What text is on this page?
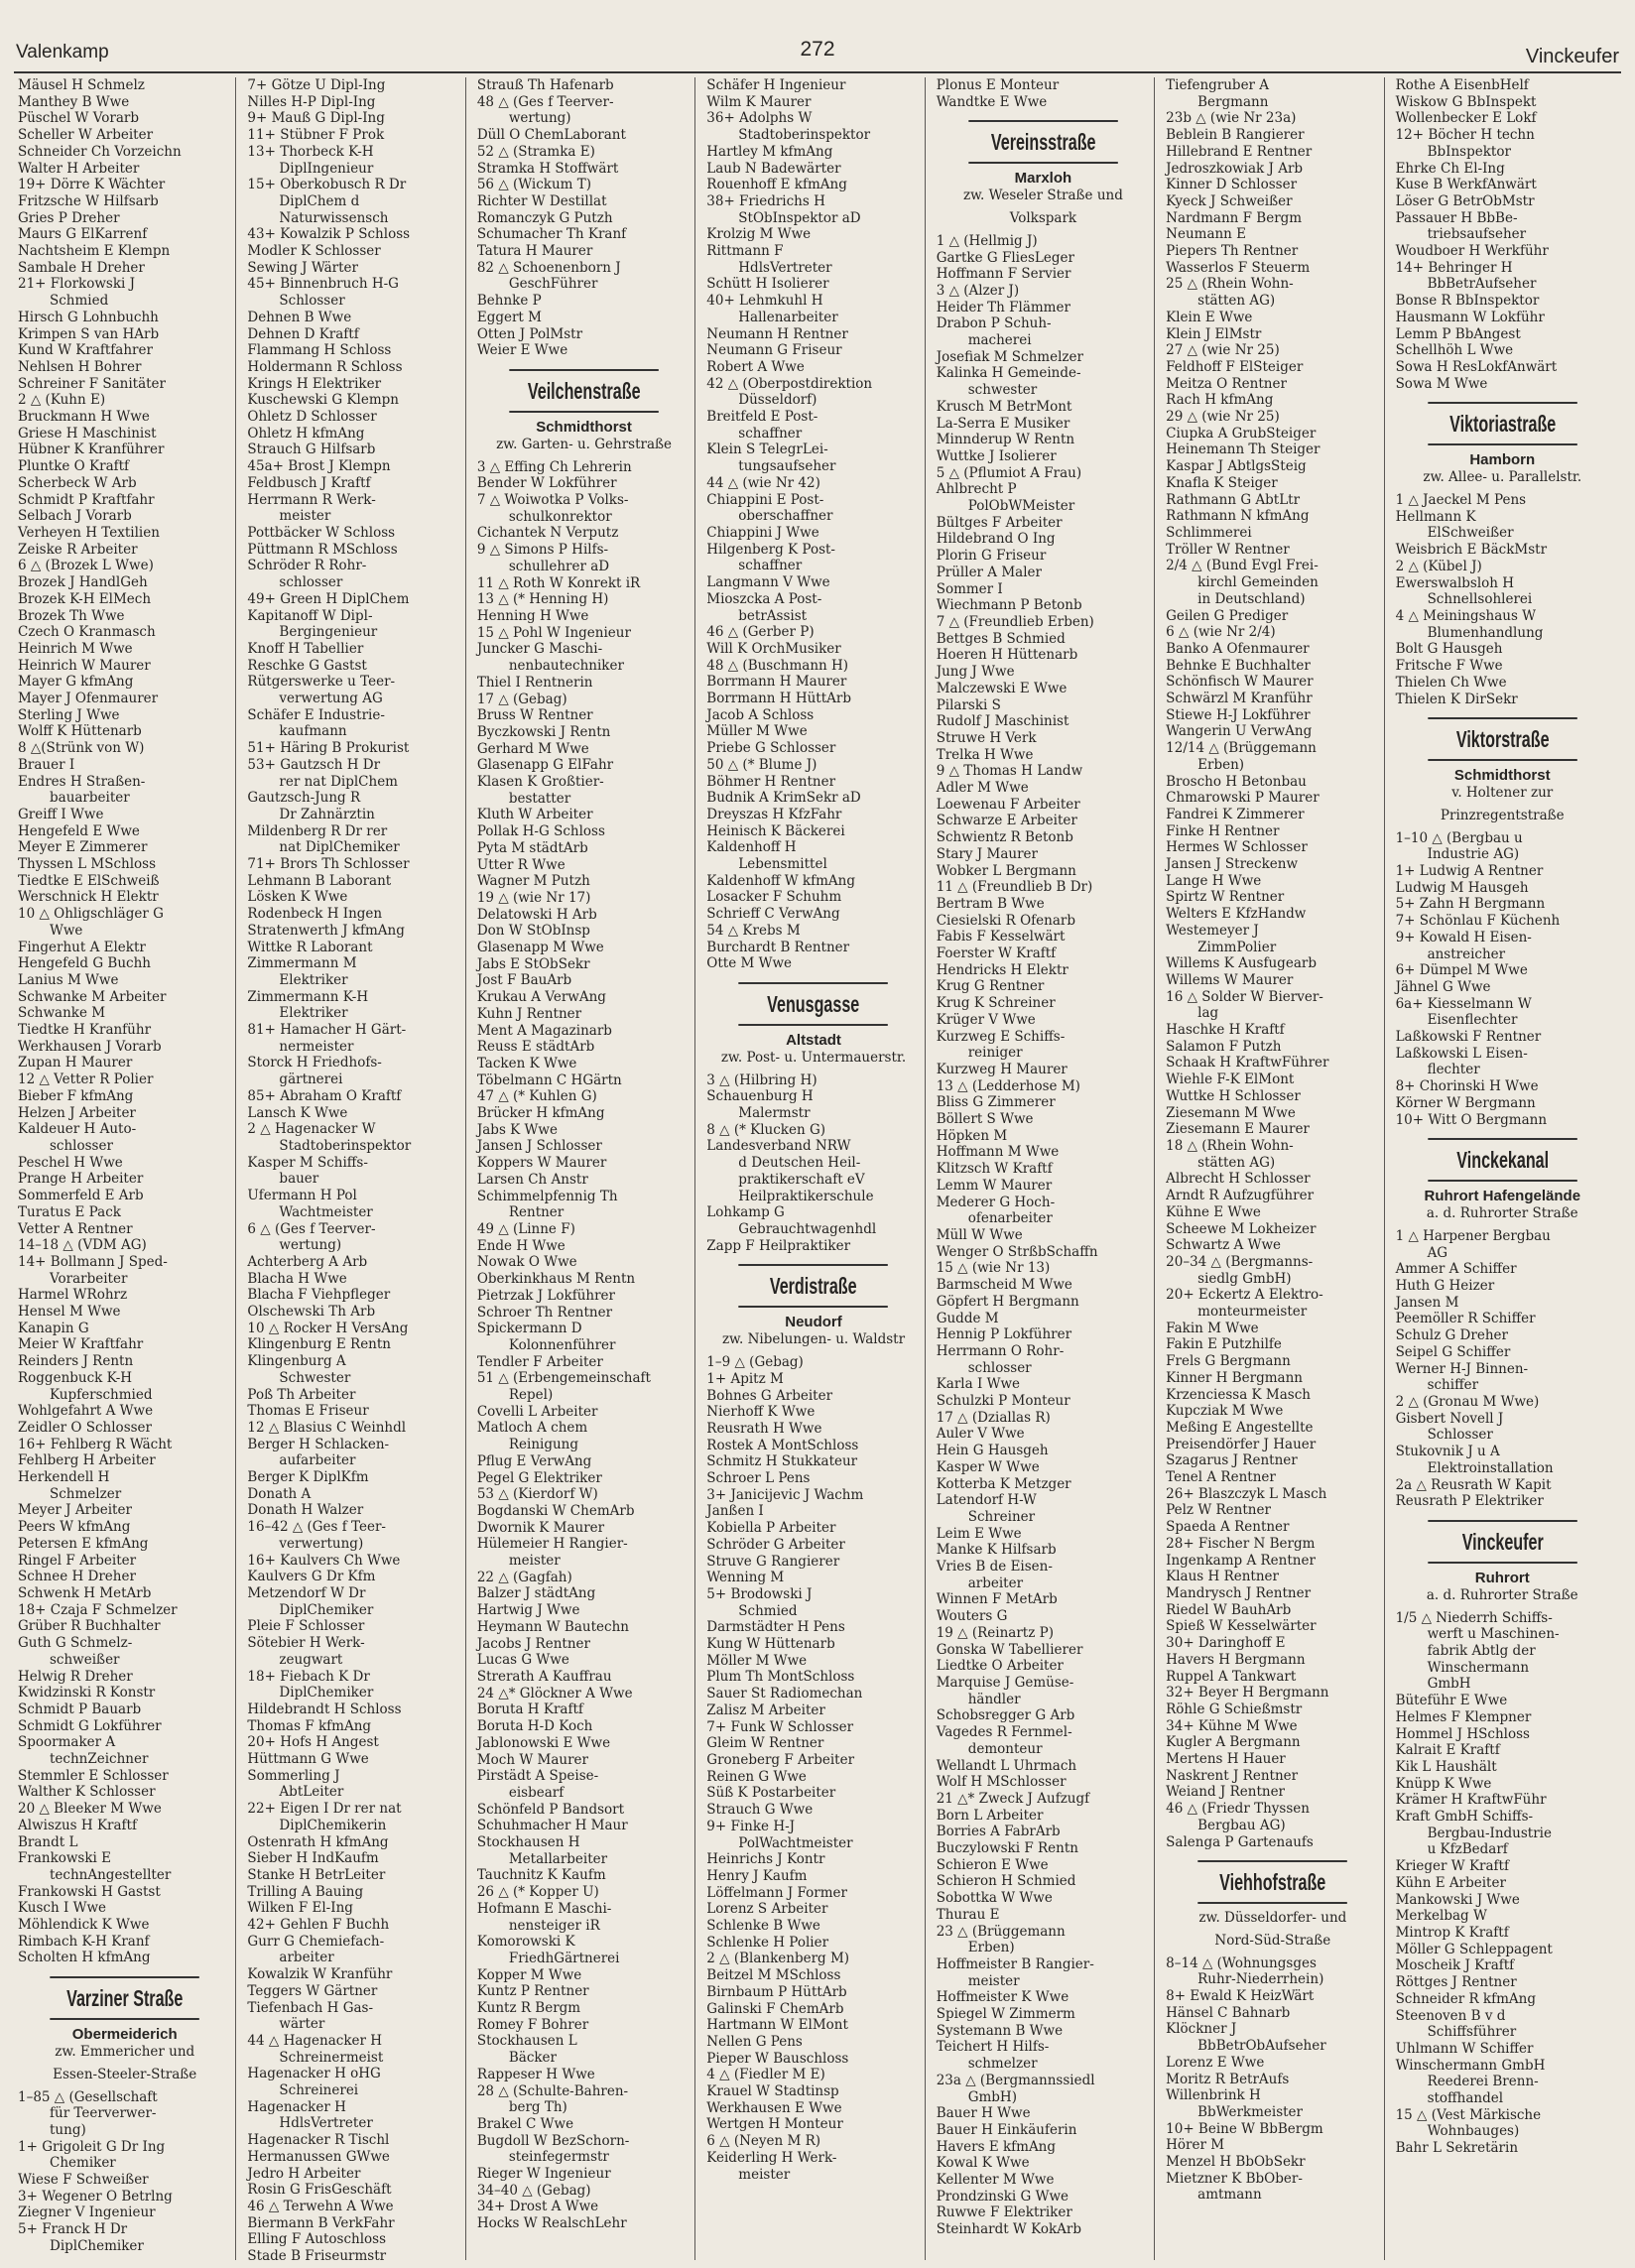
Valenkamp	272	Vinckeufer
Mäusel H Schmelz
Manthey B Wwe
Püschel W Vorarb
Scheller W Arbeiter
Schneider Ch Vorzeichn
Walter H Arbeiter
19+ Dörre K Wächter
Fritzsche W Hilfsarb
Gries P Dreher
Maurs G ElKarrenf
Nachtsheim E Klempn
Sambale H Dreher
21+ Florkowski J
Schmied
Hirsch G Lohnbuchh
Krimpen S van HArb
Kund W Kraftfahrer
Nehlsen H Bohrer
Schreiner F Sanitäter
2 △ (Kuhn E)
Bruckmann H Wwe
Griese H Maschinist
Hübner K Kranführer
Pluntke O Kraftf
Scherbeck W Arb
Schmidt P Kraftfahr
Selbach J Vorarb
Verheyen H Textilien
Zeiske R Arbeiter
6 △ (Brozek L Wwe)
Brozek J HandlGeh
Brozek K-H ElMech
Brozek Th Wwe
Czech O Kranmasch
Heinrich M Wwe
Heinrich W Maurer
Mayer G kfmAng
Mayer J Ofenmaurer
Sterling J Wwe
Wolff K Hüttenarb
8 △(Strünk von W)
Brauer I
Endres H Straßen-
bauarbeiter
Greiff I Wwe
Hengefeld E Wwe
Meyer E Zimmerer
Thyssen L MSchloss
Tiedtke E ElSchweiß
Werschnick H Elektr
10 △ Ohligschläger G
Wwe
Fingerhut A Elektr
Hengefeld G Buchh
Lanius M Wwe
Schwanke M Arbeiter
Schwanke M
Tiedtke H Kranführ
Werkhausen J Vorarb
Zupan H Maurer
12 △ Vetter R Polier
Bieber F kfmAng
Helzen J Arbeiter
Kaldeuer H Auto-
schlosser
Peschel H Wwe
Prange H Arbeiter
Sommerfeld E Arb
Turatus E Pack
Vetter A Rentner
14–18 △ (VDM AG)
14+ Bollmann J Sped-
Vorarbeiter
Harmel WRohrz
Hensel M Wwe
Kanapin G
Meier W Kraftfahr
Reinders J Rentn
Roggenbuck K-H
Kupferschmied
Wohlgefahrt A Wwe
Zeidler O Schlosser
16+ Fehlberg R Wächt
Fehlberg H Arbeiter
Herkendell H
Schmelzer
Meyer J Arbeiter
Peers W kfmAng
Petersen E kfmAng
Ringel F Arbeiter
Schnee H Dreher
Schwenk H MetArb
18+ Czaja F Schmelzer
Grüber R Buchhalter
Guth G Schmelz-
schweißer
Helwig R Dreher
Kwidzinski R Konstr
Schmidt P Bauarb
Schmidt G Lokführer
Spoormaker A
technZeichner
Stemmler E Schlosser
Walther K Schlosser
20 △ Bleeker M Wwe
Alwiszus H Kraftf
Brandt L
Frankowski E
technAngestellter
Frankowski H Gastst
Kusch I Wwe
Möhlendick K Wwe
Rimbach K-H Kranf
Scholten H kfmAng
Varziner Straße
Obermeiderich
zw. Emmericher und
Essen-Steeler-Straße
1–85 △ (Gesellschaft
für Teerverwer-
tung)
1+ Grigoleit G Dr Ing
Chemiker
Wiese F Schweißer
3+ Wegener O Betrlng
Ziegner V Ingenieur
5+ Franck H Dr
DiplChemiker
7+ Götze U Dipl-Ing
Nilles H-P Dipl-Ing
9+ Mauß G Dipl-Ing
11+ Stübner F Prok
13+ Thorbeck K-H
DiplIngenieur
15+ Oberkobusch R Dr
DiplChem d
Naturwissensch
43+ Kowalzik P Schloss
Modler K Schlosser
Sewing J Wärter
45+ Binnenbruch H-G
Schlosser
Dehnen B Wwe
Dehnen D Kraftf
Flammang H Schloss
Holdermann R Schloss
Krings H Elektriker
Kuschewski G Klempn
Ohletz D Schlosser
Ohletz H kfmAng
Strauch G Hilfsarb
45a+ Brost J Klempn
Feldbusch J Kraftf
Herrmann R Werk-
meister
Pottbäcker W Schloss
Püttmann R MSchloss
Schröder R Rohr-
schlosser
49+ Green H DiplChem
Kapitanoff W Dipl-
Bergingenieur
Knoff H Tabellier
Reschke G Gastst
Rütgerswerke u Teer-
verwertung AG
Schäfer E Industrie-
kaufmann
51+ Häring B Prokurist
53+ Gautzsch H Dr
rer nat DiplChem
Gautzsch-Jung R
Dr Zahnärztin
Mildenberg R Dr rer
nat DiplChemiker
71+ Brors Th Schlosser
Lehmann B Laborant
Lösken K Wwe
Rodenbeck H Ingen
Stratenwerth J kfmAng
Wittke R Laborant
Zimmermann M
Elektriker
Zimmermann K-H
Elektriker
81+ Hamacher H Gärt-
nermeister
Storck H Friedhofs-
gärtnerei
85+ Abraham O Kraftf
Lansch K Wwe
2 △ Hagenacker W
Stadtoberinspektor
Kasper M Schiffs-
bauer
Ufermann H Pol
Wachtmeister
6 △ (Ges f Teerver-
wertung)
Achterberg A Arb
Blacha H Wwe
Blacha F Viehpfleger
Olschewski Th Arb
10 △ Rocker H VersAng
Klingenburg E Rentn
Klingenburg A
Schwester
Poß Th Arbeiter
Thomas E Friseur
12 △ Blasius C Weinhdl
Berger H Schlacken-
aufarbeiter
Berger K DiplKfm
Donath A
Donath H Walzer
16–42 △ (Ges f Teer-
verwertung)
16+ Kaulvers Ch Wwe
Kaulvers G Dr Kfm
Metzendorf W Dr
DiplChemiker
Pleie F Schlosser
Sötebier H Werk-
zeugwart
18+ Fiebach K Dr
DiplChemiker
Hildebrandt H Schloss
Thomas F kfmAng
20+ Hofs H Angest
Hüttmann G Wwe
Sommerling J
AbtLeiter
22+ Eigen I Dr rer nat
DiplChemikerin
Ostenrath H kfmAng
Sieber H IndKaufm
Stanke H BetrLeiter
Trilling A Bauing
Wilken F El-Ing
42+ Gehlen F Buchh
Gurr G Chemiefach-
arbeiter
Kowalzik W Kranführ
Teggers W Gärtner
Tiefenbach H Gas-
wärter
44 △ Hagenacker H
Schreinermeist
Hagenacker H oHG
Schreinerei
Hagenacker H
HdlsVertreter
Hagenacker R Tischl
Hermanussen GWwe
Jedro H Arbeiter
Rosin G FrisGeschäft
46 △ Terwehn A Wwe
Biermann B VerkFahr
Elling F Autoschloss
Stade B Friseurmstr
Strauß Th Hafenarb
48 △ (Ges f Teerver-
wertung)
Düll O ChemLaborant
52 △ (Stramka E)
Stramka H Stoffwärt
56 △ (Wickum T)
Richter W Destillat
Romanczyk G Putzh
Schumacher Th Kranf
Tatura H Maurer
82 △ Schoenenborn J
GeschFührer
Behnke P
Eggert M
Otten J PolMstr
Weier E Wwe
Veilchenstraße
Schmidthorst
zw. Garten- u. Gehrstraße
3 △ Effing Ch Lehrerin
Bender W Lokführer
7 △ Woiwotka P Volks-
schulkonrektor
Cichantek N Verputz
9 △ Simons P Hilfs-
schullehrer aD
11 △ Roth W Konrekt iR
13 △ (* Henning H)
Henning H Wwe
15 △ Pohl W Ingenieur
Juncker G Maschi-
nenbautechniker
Thiel I Rentnerin
17 △ (Gebag)
Bruss W Rentner
Byczkowski J Rentn
Gerhard M Wwe
Glasenapp G ElFahr
Klasen K Großtier-
bestatter
Kluth W Arbeiter
Pollak H-G Schloss
Pyta M städtArb
Utter R Wwe
Wagner M Putzh
19 △ (wie Nr 17)
Delatowski H Arb
Don W StObInsp
Glasenapp M Wwe
Jabs E StObSekr
Jost F BauArb
Krukau A VerwAng
Kuhn J Rentner
Ment A Magazinarb
Reuss E städtArb
Tacken K Wwe
Töbelmann C HGärtn
47 △ (* Kuhlen G)
Brücker H kfmAng
Jabs K Wwe
Jansen J Schlosser
Koppers W Maurer
Larsen Ch Anstr
Schimmelpfennig Th
Rentner
49 △ (Linne F)
Ende H Wwe
Nowak O Wwe
Oberkinkhaus M Rentn
Pietrzak J Lokführer
Schroer Th Rentner
Spickermann D
Kolonnenführer
Tendler F Arbeiter
51 △ (Erbengemeinschaft
Repel)
Covelli L Arbeiter
Matloch A chem
Reinigung
Pflug E VerwAng
Pegel G Elektriker
53 △ (Kierdorf W)
Bogdanski W ChemArb
Dwornik K Maurer
Hülemeier H Rangier-
meister
22 △ (Gagfah)
Balzer J städtAng
Hartwig J Wwe
Heymann W Bautechn
Jacobs J Rentner
Lucas G Wwe
Strerath A Kauffrau
24 △* Glöckner A Wwe
Boruta H Kraftf
Boruta H-D Koch
Jablonowski E Wwe
Moch W Maurer
Pirstädt A Speise-
eisbearf
Schönfeld P Bandsort
Schuhmacher H Maur
Stockhausen H
Metallarbeiter
Tauchnitz K Kaufm
26 △ (* Kopper U)
Hofmann E Maschi-
nensteiger iR
Komorowski K
FriedhGärtnerei
Kopper M Wwe
Kuntz P Rentner
Kuntz R Bergm
Romey F Bohrer
Stockhausen L
Bäcker
Rappeser H Wwe
28 △ (Schulte-Bahren-
berg Th)
Brakel C Wwe
Bugdoll W BezSchorn-
steinfegermstr
Rieger W Ingenieur
34–40 △ (Gebag)
34+ Drost A Wwe
Hocks W RealschLehr
Schäfer H Ingenieur
Wilm K Maurer
36+ Adolphs W
Stadtoberinspektor
Hartley M kfmAng
Laub N Badewärter
Rouenhoff E kfmAng
38+ Friedrichs H
StObInspektor aD
Krolzig M Wwe
Rittmann F
HdlsVertreter
Schütt H Isolierer
40+ Lehmkuhl H
Hallenarbeiter
Neumann H Rentner
Neumann G Friseur
Robert A Wwe
42 △ (Oberpostdirektion
Düsseldorf)
Breitfeld E Post-
schaffner
Klein S TelegrLei-
tungsaufseher
44 △ (wie Nr 42)
Chiappini E Post-
oberschaffner
Chiappini J Wwe
Hilgenberg K Post-
schaffner
Langmann V Wwe
Mioszcka A Post-
betrAssist
46 △ (Gerber P)
Will K OrchMusiker
48 △ (Buschmann H)
Borrmann H Maurer
Borrmann H HüttArb
Jacob A Schloss
Müller M Wwe
Priebe G Schlosser
50 △ (* Blume J)
Böhmer H Rentner
Budnik A KrimSekr aD
Dreyszas H KfzFahr
Heinisch K Bäckerei
Kaldenhoff H
Lebensmittel
Kaldenhoff W kfmAng
Losacker F Schuhm
Schrieff C VerwAng
54 △ Krebs M
Burchardt B Rentner
Otte M Wwe
Venusgasse
Altstadt
zw. Post- u. Untermauerstr.
3 △ (Hilbring H)
Schauenburg H
Malermstr
8 △ (* Klucken G)
Landesverband NRW
d Deutschen Heil-
praktikerschaft eV
Heilpraktikerschule
Lohkamp G
Gebrauchtwagenhdl
Zapp F Heilpraktiker
Verdistraße
Neudorf
zw. Nibelungen- u. Waldstr
1–9 △ (Gebag)
1+ Apitz M
Bohnes G Arbeiter
Nierhoff K Wwe
Reusrath H Wwe
Rostek A MontSchloss
Schmitz H Stukkateur
Schroer L Pens
3+ Janicijevic J Wachm
Janßen I
Kobiella P Arbeiter
Schröder G Arbeiter
Struve G Rangierer
Wenning M
5+ Brodowski J
Schmied
Darmstädter H Pens
Kung W Hüttenarb
Möller M Wwe
Plum Th MontSchloss
Sauer St Radiomechan
Zalisz M Arbeiter
7+ Funk W Schlosser
Gleim W Rentner
Groneberg F Arbeiter
Reinen G Wwe
Süß K Postarbeiter
Strauch G Wwe
9+ Finke H-J
PolWachtmeister
Heinrichs J Kontr
Henry J Kaufm
Löffelmann J Former
Lorenz S Arbeiter
Schlenke B Wwe
Schlenke H Polier
2 △ (Blankenberg M)
Beitzel M MSchloss
Birnbaum P HüttArb
Galinski F ChemArb
Hartmann W ElMont
Nellen G Pens
Pieper W Bauschloss
4 △ (Fiedler M E)
Krauel W Stadtinsp
Werkhausen E Wwe
Wertgen H Monteur
6 △ (Neyen M R)
Keiderling H Werk-
meister
Plonus E Monteur
Wandtke E Wwe
Vereinsstraße
Marxloh
zw. Weseler Straße und
Volkspark
1 △ (Hellmig J)
Gartke G FliesLeger
Hoffmann F Servier
3 △ (Alzer J)
Heider Th Flämmer
Drabon P Schuh-
macherei
Josefiak M Schmelzer
Kalinka H Gemeinde-
schwester
Krusch M BetrMont
La-Serra E Musiker
Minnderup W Rentn
Wuttke J Isolierer
5 △ (Pflumiot A Frau)
Ahlbrecht P
PolObWMeister
Bültges F Arbeiter
Hildebrand O Ing
Plorin G Friseur
Prüller A Maler
Sommer I
Wiechmann P Betonb
7 △ (Freundlieb Erben)
Bettges B Schmied
Hoeren H Hüttenarb
Jung J Wwe
Malczewski E Wwe
Pilarski S
Rudolf J Maschinist
Struwe H Verk
Trelka H Wwe
9 △ Thomas H Landw
Adler M Wwe
Loewenau F Arbeiter
Schwarze E Arbeiter
Schwientz R Betonb
Stary J Maurer
Wobker L Bergmann
11 △ (Freundlieb B Dr)
Bertram B Wwe
Ciesielski R Ofenarb
Fabis F Kesselwärt
Foerster W Kraftf
Hendricks H Elektr
Krug G Rentner
Krug K Schreiner
Krüger V Wwe
Kurzweg E Schiffs-
reiniger
Kurzweg H Maurer
13 △ (Ledderhose M)
Bliss G Zimmerer
Böllert S Wwe
Höpken M
Hoffmann M Wwe
Klitzsch W Kraftf
Lemm W Maurer
Mederer G Hoch-
ofenarbeiter
Müll W Wwe
Wenger O StrßbSchaffn
15 △ (wie Nr 13)
Barmscheid M Wwe
Göpfert H Bergmann
Gudde M
Hennig P Lokführer
Herrmann O Rohr-
schlosser
Karla I Wwe
Schulzki P Monteur
17 △ (Dziallas R)
Auler V Wwe
Hein G Hausgeh
Kasper W Wwe
Kotterba K Metzger
Latendorf H-W
Schreiner
Leim E Wwe
Manke K Hilfsarb
Vries B de Eisen-
arbeiter
Winnen F MetArb
Wouters G
19 △ (Reinartz P)
Gonska W Tabellierer
Liedtke O Arbeiter
Marquise J Gemüse-
händler
Schobsregger G Arb
Vagedes R Fernmel-
demonteur
Wellandt L Uhrmach
Wolf H MSchlosser
21 △* Zweck J Aufzugf
Born L Arbeiter
Borries A FabrArb
Buczylowski F Rentn
Schieron E Wwe
Schieron H Schmied
Sobottka W Wwe
Thurau E
23 △ (Brüggemann
Erben)
Hoffmeister B Rangier-
meister
Hoffmeister K Wwe
Spiegel W Zimmerm
Systemann B Wwe
Teichert H Hilfs-
schmelzer
23a △ (Bergmannssiedl
GmbH)
Bauer H Wwe
Bauer H Einkäuferin
Havers E kfmAng
Kowal K Wwe
Kellenter M Wwe
Prondzinski G Wwe
Ruwwe F Elektriker
Steinhardt W KokArb
Tiefengruber A
Bergmann
23b △ (wie Nr 23a)
Beblein B Rangierer
Hillebrand E Rentner
Jedroszkowiak J Arb
Kinner D Schlosser
Kyeck J Schweißer
Nardmann F Bergm
Neumann E
Piepers Th Rentner
Wasserlos F Steuerm
25 △ (Rhein Wohn-
stätten AG)
Klein E Wwe
Klein J ElMstr
27 △ (wie Nr 25)
Feldhoff F ElSteiger
Meitza O Rentner
Rach H kfmAng
29 △ (wie Nr 25)
Ciupka A GrubSteiger
Heinemann Th Steiger
Kaspar J AbtlgsSteig
Knafla K Steiger
Rathmann G AbtLtr
Rathmann N kfmAng
Schlimmerei
Tröller W Rentner
2/4 △ (Bund Evgl Frei-
kirchl Gemeinden
in Deutschland)
Geilen G Prediger
6 △ (wie Nr 2/4)
Banko A Ofenmaurer
Behnke E Buchhalter
Schönfisch W Maurer
Schwärzl M Kranführ
Stiewe H-J Lokführer
Wangerin U VerwAng
12/14 △ (Brüggemann
Erben)
Broscho H Betonbau
Chmarowski P Maurer
Fandrei K Zimmerer
Finke H Rentner
Hermes W Schlosser
Jansen J Streckenw
Lange H Wwe
Spirtz W Rentner
Welters E KfzHandw
Westemeyer J
ZimmPolier
Willems K Ausfugearb
Willems W Maurer
16 △ Solder W Bierver-
lag
Haschke H Kraftf
Salamon F Putzh
Schaak H KraftwFührer
Wiehle F-K ElMont
Wuttke H Schlosser
Ziesemann M Wwe
Ziesemann E Maurer
18 △ (Rhein Wohn-
stätten AG)
Albrecht H Schlosser
Arndt R Aufzugführer
Kühne E Wwe
Scheewe M Lokheizer
Schwartz A Wwe
20–34 △ (Bergmanns-
siedlg GmbH)
20+ Eckertz A Elektro-
monteurmeister
Fakin M Wwe
Fakin E Putzhilfe
Frels G Bergmann
Kinner H Bergmann
Krzenciessa K Masch
Kupcziak M Wwe
Meßing E Angestellte
Preisendörfer J Hauer
Szagarus J Rentner
Tenel A Rentner
26+ Blaszczyk L Masch
Pelz W Rentner
Spaeda A Rentner
28+ Fischer N Bergm
Ingenkamp A Rentner
Klaus H Rentner
Mandrysch J Rentner
Riedel W BauhArb
Spieß W Kesselwärter
30+ Daringhoff E
Havers H Bergmann
Ruppel A Tankwart
32+ Beyer H Bergmann
Röhle G Schießmstr
34+ Kühne M Wwe
Kugler A Bergmann
Mertens H Hauer
Naskrent J Rentner
Weiand J Rentner
46 △ (Friedr Thyssen
Bergbau AG)
Salenga P Gartenaufs
Viehhofstraße
zw. Düsseldorfer- und
Nord-Süd-Straße
8–14 △ (Wohnungsges
Ruhr-Niederrhein)
8+ Ewald K HeizWärt
Hänsel C Bahnarb
Klöckner J
BbBetrObAufseher
Lorenz E Wwe
Moritz R BetrAufs
Willenbrink H
BbWerkmeister
10+ Beine W BbBergm
Hörer M
Menzel H BbObSekr
Mietzner K BbOber-
amtmann
Rothe A EisenbHelf
Wiskow G BbInspekt
Wollenbecker E Lokf
12+ Böcher H techn
BbInspektor
Ehrke Ch El-Ing
Kuse B WerkfAnwärt
Löser G BetrObMstr
Passauer H BbBe-
triebsaufseher
Woudboer H Werkführ
14+ Behringer H
BbBetrAufseher
Bonse R BbInspektor
Hausmann W Lokführ
Lemm P BbAngest
Schellhöh L Wwe
Sowa H ResLokfAnwärt
Sowa M Wwe
Viktoriastraße
Hamborn
zw. Allee- u. Parallelstr.
1 △ Jaeckel M Pens
Hellmann K
ElSchweißer
Weisbrich E BäckMstr
2 △ (Kübel J)
Ewerswalbsloh H
Schnellsohlerei
4 △ Meiningshaus W
Blumenhandlung
Bolt G Hausgeh
Fritsche F Wwe
Thielen Ch Wwe
Thielen K DirSekr
Viktorstraße
Schmidthorst
v. Holtener zur
Prinzregentstraße
1–10 △ (Bergbau u
Industrie AG)
1+ Ludwig A Rentner
Ludwig M Hausgeh
5+ Zahn H Bergmann
7+ Schönlau F Küchenh
9+ Kowald H Eisen-
anstreicher
6+ Dümpel M Wwe
Jähnel G Wwe
6a+ Kiesselmann W
Eisenflechter
Laßkowski F Rentner
Laßkowski L Eisen-
flechter
8+ Chorinski H Wwe
Körner W Bergmann
10+ Witt O Bergmann
Vinckekanal
Ruhrort Hafengelände
a. d. Ruhrorter Straße
1 △ Harpener Bergbau
AG
Ammer A Schiffer
Huth G Heizer
Jansen M
Peemöller R Schiffer
Schulz G Dreher
Seipel G Schiffer
Werner H-J Binnen-
schiffer
2 △ (Gronau M Wwe)
Gisbert Novell J
Schlosser
Stukovnik J u A
Elektroinstallation
2a △ Reusrath W Kapit
Reusrath P Elektriker
Vinckeufer
Ruhrort
a. d. Ruhrorter Straße
1/5 △ Niederrh Schiffs-
werft u Maschinen-
fabrik Abtlg der
Winschermann
GmbH
Büteführ E Wwe
Helmes F Klempner
Hommel J HSchloss
Kalrait E Kraftf
Kik L Haushält
Knüpp K Wwe
Krämer H KraftwFühr
Kraft GmbH Schiffs-
Bergbau-Industrie
u KfzBedarf
Krieger W Kraftf
Kühn E Arbeiter
Mankowski J Wwe
Merkelbag W
Mintrop K Kraftf
Möller G Schleppagent
Moscheik J Kraftf
Röttges J Rentner
Schneider R kfmAng
Steenoven B v d
Schiffsführer
Uhlmann W Schiffer
Winschermann GmbH
Reederei Brenn-
stoffhandel
15 △ (Vest Märkische
Wohnbauges)
Bahr L Sekretärin
